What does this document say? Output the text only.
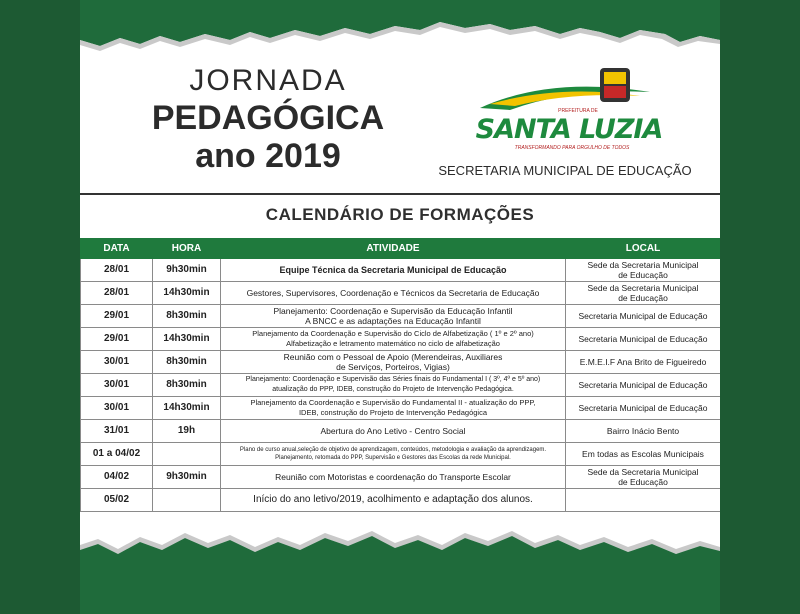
JORNADA
PEDAGÓGICA
ano 2019
PREFEITURA DE
SANTA LUZIA
TRANSFORMANDO PARA ORGULHO DE TODOS
SECRETARIA MUNICIPAL DE EDUCAÇÃO
CALENDÁRIO DE FORMAÇÕES
DATA	HORA	ATIVIDADE	LOCAL
28/01	9h30min	Equipe Técnica da Secretaria Municipal de Educação	Sede da Secretaria Municipal
de Educação

28/01	14h30min	Gestores, Supervisores, Coordenação e Técnicos da Secretaria de Educação	Sede da Secretaria Municipal
de Educação

29/01	8h30min	Planejamento: Coordenação e Supervisão da Educação Infantil
A BNCC e as adaptações na Educação Infantil	Secretaria Municipal de Educação

29/01	14h30min	Planejamento da Coordenação e Supervisão do Ciclo de Alfabetização ( 1º e 2º ano)
Alfabetização e letramento matemático no ciclo de alfabetização	Secretaria Municipal de Educação

30/01	8h30min	Reunião com o Pessoal de Apoio (Merendeiras, Auxiliares
de Serviços, Porteiros, Vigias)	E.M.E.I.F Ana Brito de Figueiredo

30/01	8h30min	Planejamento: Coordenação e Supervisão das Séries finais do Fundamental I ( 3º, 4º e 5º ano)
atualização do PPP, IDEB, construção do Projeto de Intervenção Pedagógica.	Secretaria Municipal de Educação

30/01	14h30min	Planejamento da Coordenação e Supervisão do Fundamental II - atualização do PPP,
IDEB, construção do Projeto de Intervenção Pedagógica	Secretaria Municipal de Educação

31/01	19h	Abertura do Ano Letivo - Centro Social	Bairro Inácio Bento

01 a 04/02		Plano de curso anual,seleção de objetivo de aprendizagem, conteúdos, metodologia e avaliação da aprendizagem.
Planejamento, retomada do PPP, Supervisão e Gestores das Escolas da rede Municipal.	Em todas as Escolas Municipais

04/02	9h30min	Reunião com Motoristas e coordenação do Transporte Escolar	Sede da Secretaria Municipal
de Educação

05/02		Início do ano letivo/2019, acolhimento e adaptação dos alunos.	
